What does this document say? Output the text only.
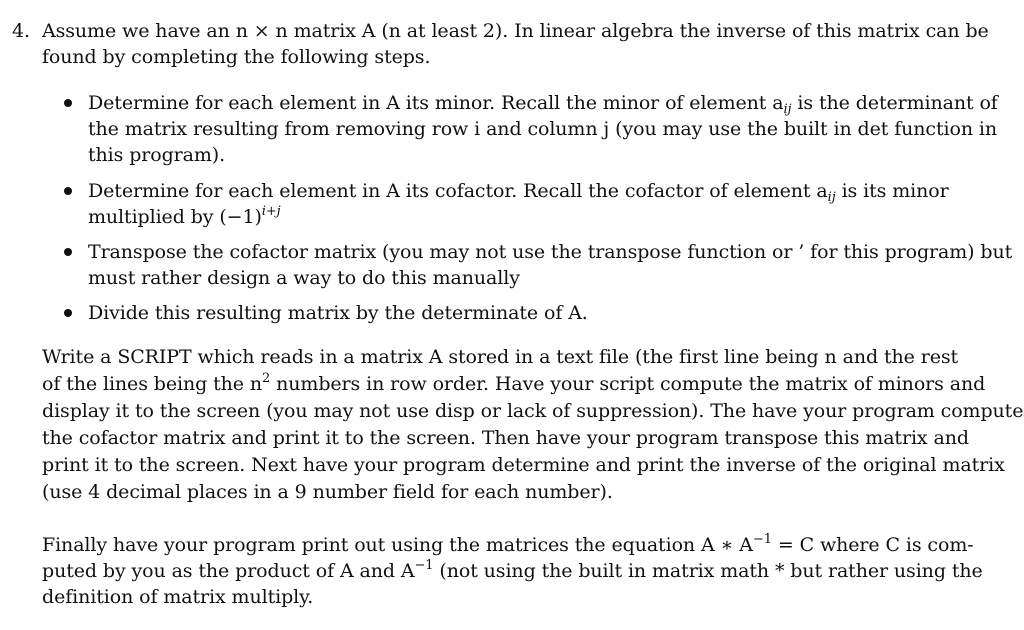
4. Assume we have an n × n matrix A (n at least 2). In linear algebra the inverse of this matrix can be
found by completing the following steps.
Determine for each element in A its minor. Recall the minor of element $a_{ij}$ is the determinant of
the matrix resulting from removing row i and column j (you may use the built in det function in
this program).
Determine for each element in A its cofactor. Recall the cofactor of element $a_{ij}$ is its minor
multiplied by $(-1)^{i+j}$
Transpose the cofactor matrix (you may not use the transpose function or ’ for this program) but
must rather design a way to do this manually
Divide this resulting matrix by the determinate of A.
Write a SCRIPT which reads in a matrix A stored in a text file (the first line being n and the rest
of the lines being the $n^2$ numbers in row order. Have your script compute the matrix of minors and
display it to the screen (you may not use disp or lack of suppression). The have your program compute
the cofactor matrix and print it to the screen. Then have your program transpose this matrix and
print it to the screen. Next have your program determine and print the inverse of the original matrix
(use 4 decimal places in a 9 number field for each number).
Finally have your program print out using the matrices the equation A ∗ $A^{-1} = C$ where C is com-
puted by you as the product of A and $A^{-1}$ (not using the built in matrix math * but rather using the
definition of matrix multiply.
